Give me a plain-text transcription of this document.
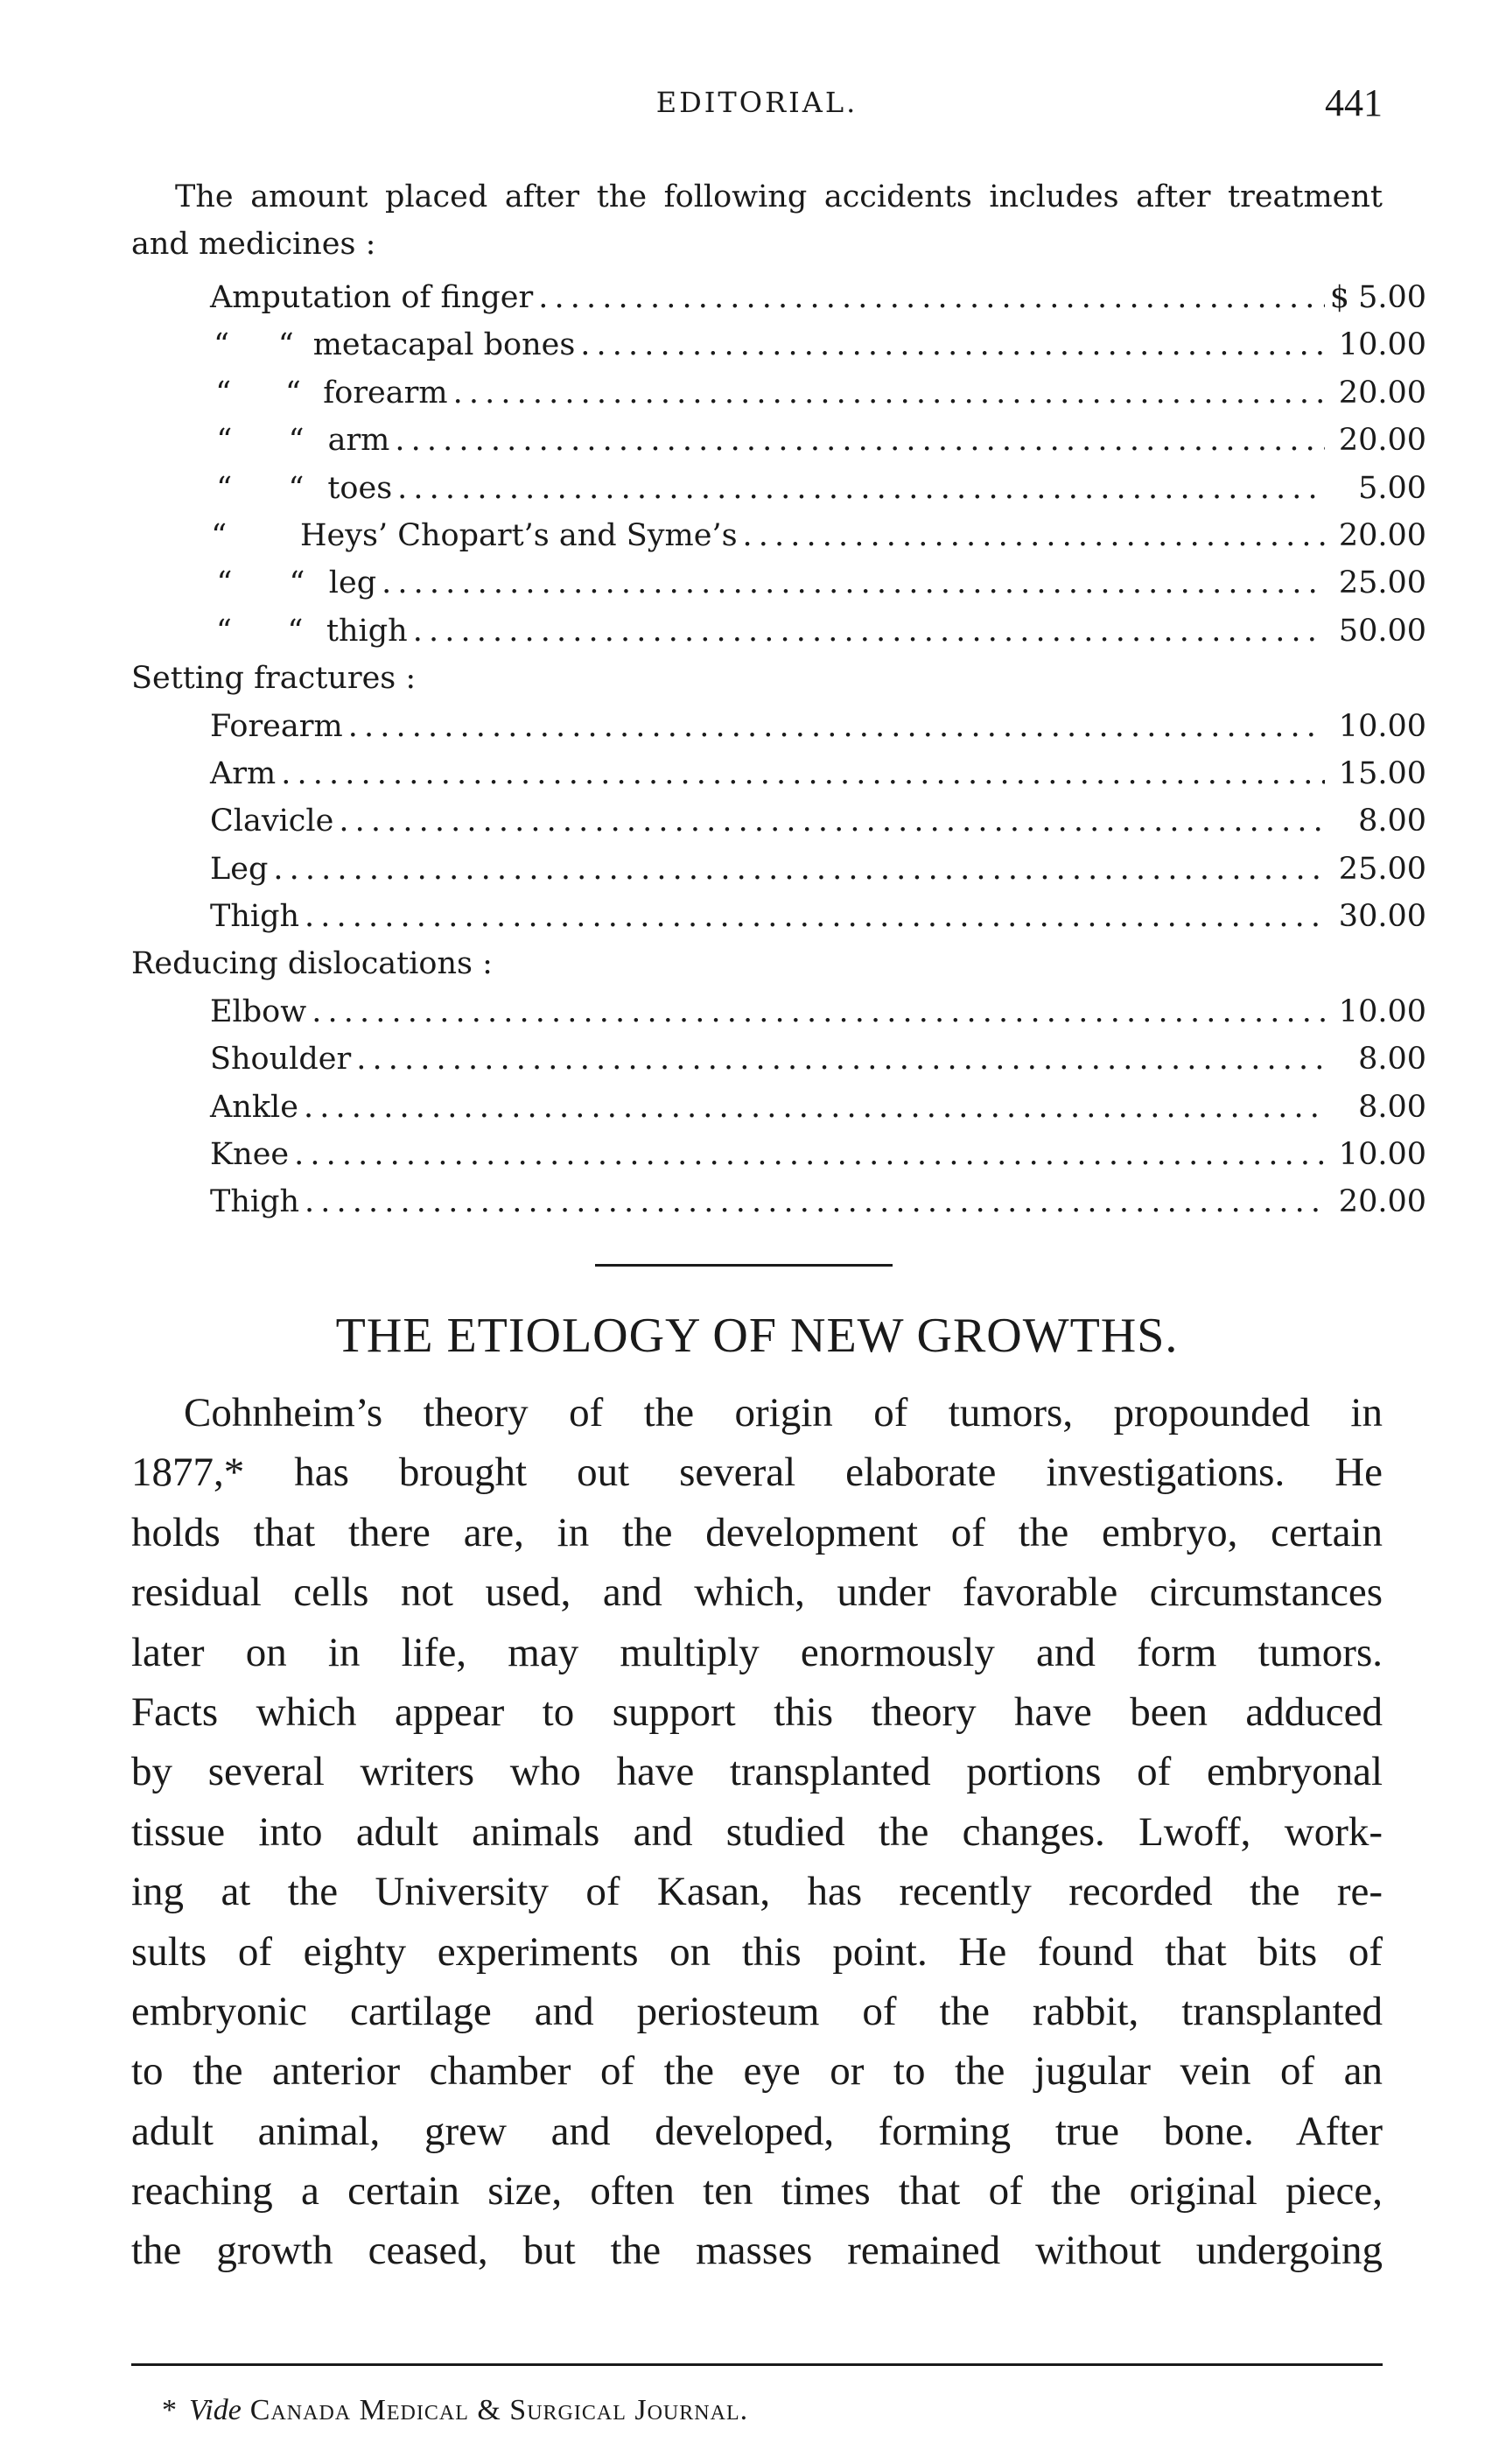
EDITORIAL.	441
The amount placed after the following accidents includes after treatment
and medicines :
Amputation of finger . . .	$ 5.00
“	“ metacapal bones . . .	10.00
“	“ forearm . . .	20.00
“	“ arm . . .	20.00
“	“ toes . . .	5.00
“ Heys’ Chopart’s and Syme’s . . .	20.00
“	“ leg . . .	25.00
“	“ thigh . . .	50.00
Setting fractures :
Forearm . . .	10.00
Arm . . .	15.00
Clavicle . . .	8.00
Leg . . .	25.00
Thigh . . .	30.00
Reducing dislocations :
Elbow . . .	10.00
Shoulder . . .	8.00
Ankle . . .	8.00
Knee . . .	10.00
Thigh . . .	20.00
THE ETIOLOGY OF NEW GROWTHS.
Cohnheim’s theory of the origin of tumors, propounded in
1877,* has brought out several elaborate investigations. He
holds that there are, in the development of the embryo, certain
residual cells not used, and which, under favorable circumstances
later on in life, may multiply enormously and form tumors.
Facts which appear to support this theory have been adduced
by several writers who have transplanted portions of embryonal
tissue into adult animals and studied the changes. Lwoff, work-
ing at the University of Kasan, has recently recorded the re-
sults of eighty experiments on this point. He found that bits of
embryonic cartilage and periosteum of the rabbit, transplanted
to the anterior chamber of the eye or to the jugular vein of an
adult animal, grew and developed, forming true bone. After
reaching a certain size, often ten times that of the original piece,
the growth ceased, but the masses remained without undergoing
* Vide Canada Medical & Surgical Journal.
